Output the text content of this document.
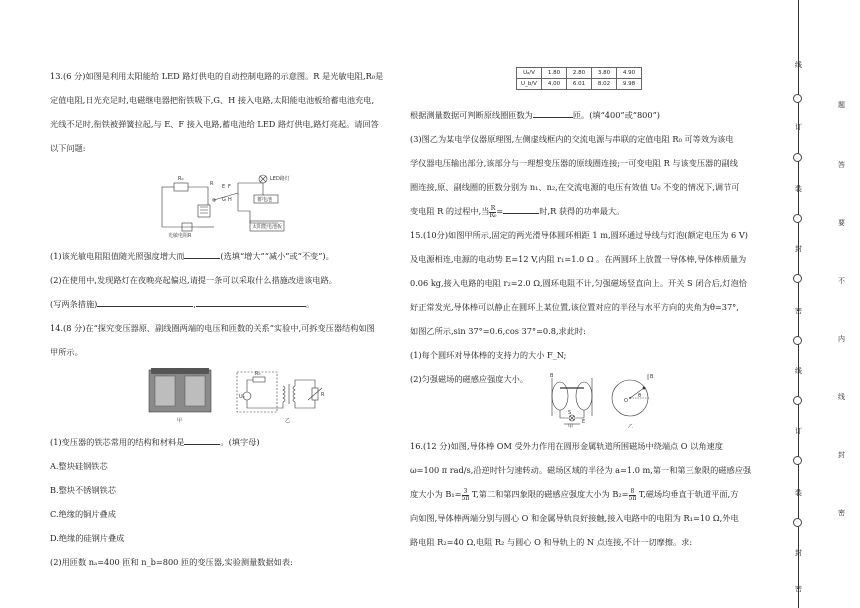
13.(6 分)如图是利用太阳能给 LED 路灯供电的自动控制电路的示意图。R 是光敏电阻,R₀是

定值电阻,日光充足时,电磁继电器把衔铁吸下,G、H 接入电路,太阳能电池板给蓄电池充电,

光线不足时,衔铁被弹簧拉起,与 E、F 接入电路,蓄电池给 LED 路灯供电,路灯亮起。请回答

以下问题:

R₀
R E F
G H
LED路灯
蓄电池
太阳能电池板
光敏电阻R

(1)该光敏电阻阻值随光照强度增大而	(选填“增大”“减小”或“不变”)。

(2)在使用中,发现路灯在夜晚亮起偏迟,请提一条可以采取什么措施改进该电路。

(写两条措施)	,	。

14.(8 分)在“探究变压器原、副线圈两端的电压和匝数的关系”实验中,可拆变压器结构如图

甲所示。

R₀
U₀	R
甲	乙

(1)变压器的铁芯常用的结构和材料是	。(填字母)

A.整块硅钢铁芯

B.整块不锈钢铁芯

C.绝缘的铜片叠成

D.绝缘的硅钢片叠成

(2)用匝数 nₐ=400 匝和 n_b=800 匝的变压器,实验测量数据如表:

Uₐ/V	1.80	2.80	3.80	4.90
U_b/V	4.00	6.01	8.02	9.98

根据测量数据可判断原线圈匝数为	匝。(填“400”或“800”)

(3)图乙为某电学仪器原理图,左侧虚线框内的交流电源与串联的定值电阻 R₀ 可等效为该电

学仪器电压输出部分,该部分与一理想变压器的原线圈连接;一可变电阻 R 与该变压器的副线

圈连接,原、副线圈的匝数分别为 n₁、n₂,在交流电源的电压有效值 U₀ 不变的情况下,调节可

变电阻 R 的过程中,当 $\frac{R}{\text{R₀}}$ =	时,R 获得的功率最大。

15.(10分)如图甲所示,固定的两光滑导体圆环相距 1 m,圆环通过导线与灯泡(额定电压为 6 V)

及电源相连,电源的电动势 E=12 V,内阻 r₁=1.0 Ω 。在两圆环上放置一导体棒,导体棒质量为

0.06 kg,接入电路的电阻 r₂=2.0 Ω,圆环电阻不计,匀强磁场竖直向上。开关 S 闭合后,灯泡恰

好正常发光,导体棒可以静止在圆环上某位置,该位置对应的半径与水平方向的夹角为θ=37°,

如图乙所示,sin 37°=0.6,cos 37°=0.8,求此时:

(1)每个圆环对导体棒的支持力的大小 F_N;

(2)匀强磁场的磁感应强度大小。	B	B
S
E
O
θ
甲	乙

16.(12 分)如图,导体棒 OM 受外力作用在圆形金属轨道所围磁场中绕端点 O 以角速度

ω=100 π rad/s,沿逆时针匀速转动。磁场区域的半径为 a=1.0 m,第一和第三象限的磁感应强

度大小为 $B_1= \frac{3}{5\pi} T$,第二和第四象限的磁感应强度大小为 $B_2= \frac{8}{5\pi} T$,磁场均垂直于轨道平面,方

向如图,导体棒两端分别与圆心 O 和金属导轨良好接触,接入电路中的电阻为 R₁=10 Ω,外电

路电阻 R₂=40 Ω,电阻 R₂ 与圆心 O 和导轨上的 N 点连接,不计一切摩擦。求:

线
订
装
封
密
线
订
装
封
密
题
答
要
不
内
线
封
密
